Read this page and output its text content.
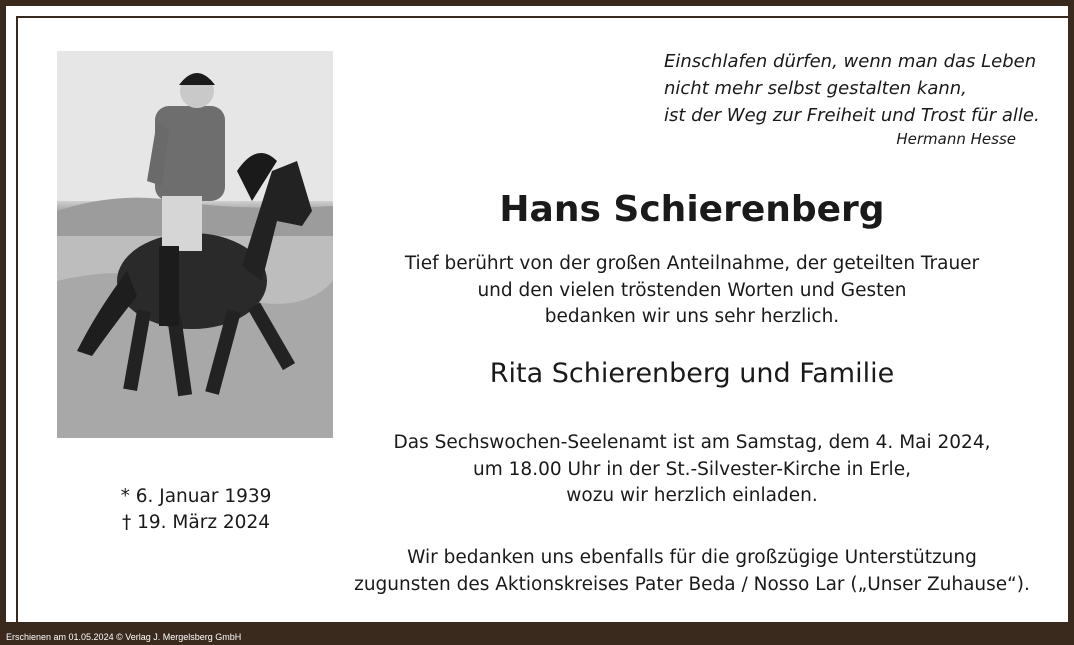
* 6. Januar 1939
† 19. März 2024
Einschlafen dürfen, wenn man das Leben
nicht mehr selbst gestalten kann,
ist der Weg zur Freiheit und Trost für alle.
Hermann Hesse
Hans Schierenberg
Tief berührt von der großen Anteilnahme, der geteilten Trauer
und den vielen tröstenden Worten und Gesten
bedanken wir uns sehr herzlich.
Rita Schierenberg und Familie
Das Sechswochen-Seelenamt ist am Samstag, dem 4. Mai 2024,
um 18.00 Uhr in der St.-Silvester-Kirche in Erle,
wozu wir herzlich einladen.
Wir bedanken uns ebenfalls für die großzügige Unterstützung
zugunsten des Aktionskreises Pater Beda / Nosso Lar („Unser Zuhause“).
Erschienen am 01.05.2024 © Verlag J. Mergelsberg GmbH
